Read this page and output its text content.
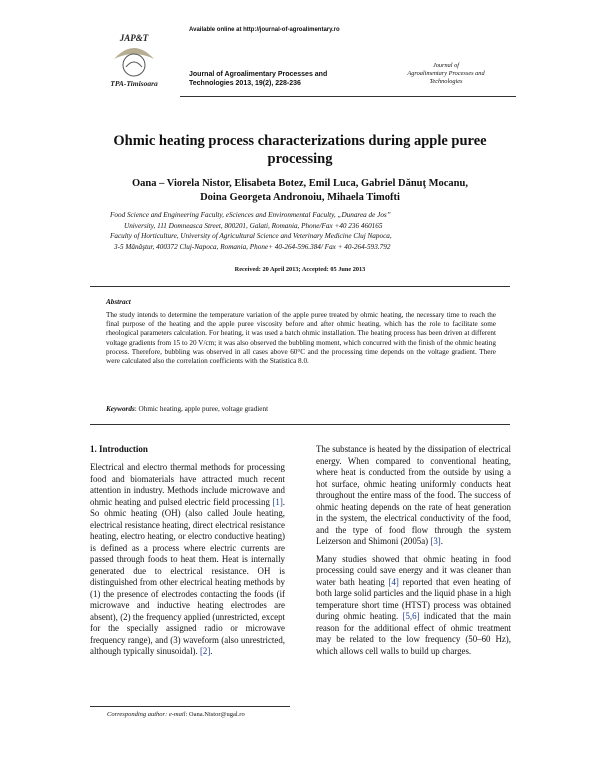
JAP&T
TPA-Timisoara
Available online at http://journal-of-agroalimentary.ro
Journal of Agroalimentary Processes and
Technologies 2013, 19(2), 228-236
Journal of
Agroalimentary Processes and
Technologies
Ohmic heating process characterizations during apple puree
processing
Oana – Viorela Nistor, Elisabeta Botez, Emil Luca, Gabriel Dănuţ Mocanu,
Doina Georgeta Andronoiu, Mihaela Timofti
Food Science and Engineering Faculty, eSciences and Environmental Faculty, „Dunarea de Jos”
University, 111 Domneasca Street, 800201, Galati, Romania, Phone/Fax +40 236 460165
Faculty of Horticulture, University of Agricultural Science and Veterinary Medicine Cluj Napoca,
3-5 Mănăştur, 400372 Cluj-Napoca, Romania, Phone+ 40-264-596.384/ Fax + 40-264-593.792
Received: 20 April 2013; Accepted: 05 June 2013
Abstract
The study intends to determine the temperature variation of the apple puree treated by ohmic heating, the necessary time to reach the final purpose of the heating and the apple puree viscosity before and after ohmic heating, which has the role to facilitate some rheological parameters calculation. For heating, it was used a batch ohmic installation. The heating process has been driven at different voltage gradients from 15 to 20 V/cm; it was also observed the bubbling moment, which concurred with the finish of the ohmic heating process. Therefore, bubbling was observed in all cases above 60°C and the processing time depends on the voltage gradient. There were calculated also the correlation coefficients with the Statistica 8.0.
Keywords: Ohmic heating, apple puree, voltage gradient
1. Introduction

Electrical and electro thermal methods for processing food and biomaterials have attracted much recent attention in industry. Methods include microwave and ohmic heating and pulsed electric field processing [1]. So ohmic heating (OH) (also called Joule heating, electrical resistance heating, direct electrical resistance heating, electro heating, or electro conductive heating) is defined as a process where electric currents are passed through foods to heat them. Heat is internally generated due to electrical resistance. OH is distinguished from other electrical heating methods by (1) the presence of electrodes contacting the foods (if microwave and inductive heating electrodes are absent), (2) the frequency applied (unrestricted, except for the specially assigned radio or microwave frequency range), and (3) waveform (also unrestricted, although typically sinusoidal). [2].

The substance is heated by the dissipation of electrical energy. When compared to conventional heating, where heat is conducted from the outside by using a hot surface, ohmic heating uniformly conducts heat throughout the entire mass of the food. The success of ohmic heating depends on the rate of heat generation in the system, the electrical conductivity of the food, and the type of food flow through the system Leizerson and Shimoni (2005a) [3].

Many studies showed that ohmic heating in food processing could save energy and it was cleaner than water bath heating [4] reported that even heating of both large solid particles and the liquid phase in a high temperature short time (HTST) process was obtained during ohmic heating. [5,6] indicated that the main reason for the additional effect of ohmic treatment may be related to the low frequency (50–60 Hz), which allows cell walls to build up charges.

Corresponding author: e-mail: Oana.Nistor@ugal.ro
